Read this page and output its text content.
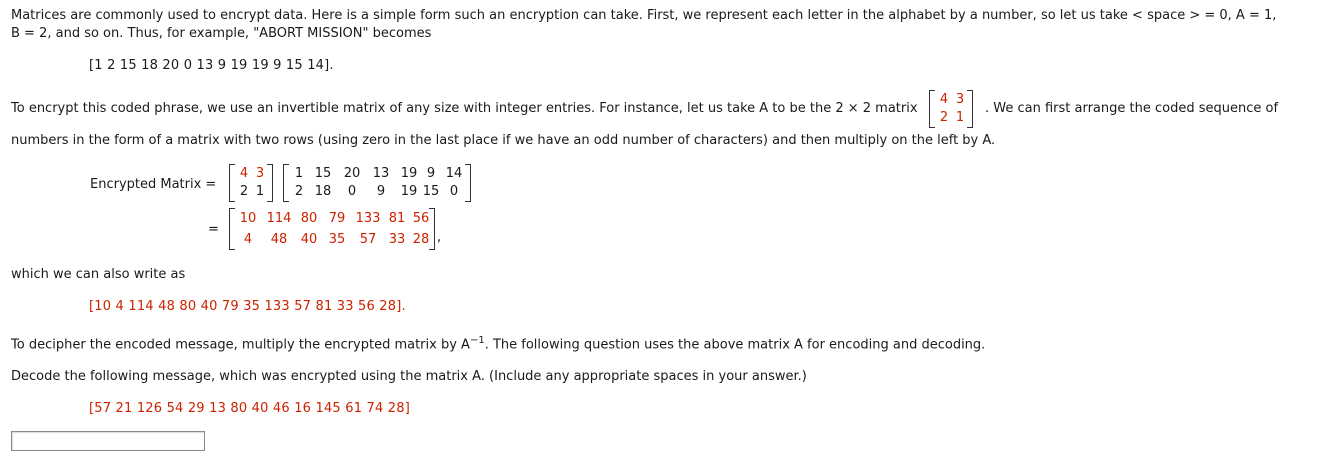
Matrices are commonly used to encrypt data. Here is a simple form such an encryption can take. First, we represent each letter in the alphabet by a number, so let us take < space > = 0, A = 1,
B = 2, and so on. Thus, for example, "ABORT MISSION" becomes
[1 2 15 18 20 0 13 9 19 19 9 15 14].
To encrypt this coded phrase, we use an invertible matrix of any size with integer entries. For instance, let us take A to be the 2 × 2 matrix
4 3
2 1
. We can first arrange the coded sequence of
numbers in the form of a matrix with two rows (using zero in the last place if we have an odd number of characters) and then multiply on the left by A.
Encrypted Matrix =
4 3
2 1
1 15 20 13 19 9 14
2 18	0	9	19 15 0
=
10 114 80 79 133 81 56
4	48	40 35	57 33 28 ,
which we can also write as
[10 4 114 48 80 40 79 35 133 57 81 33 56 28].
To decipher the encoded message, multiply the encrypted matrix by $A^{-1}$. The following question uses the above matrix A for encoding and decoding.
Decode the following message, which was encrypted using the matrix A. (Include any appropriate spaces in your answer.)
[57 21 126 54 29 13 80 40 46 16 145 61 74 28]
